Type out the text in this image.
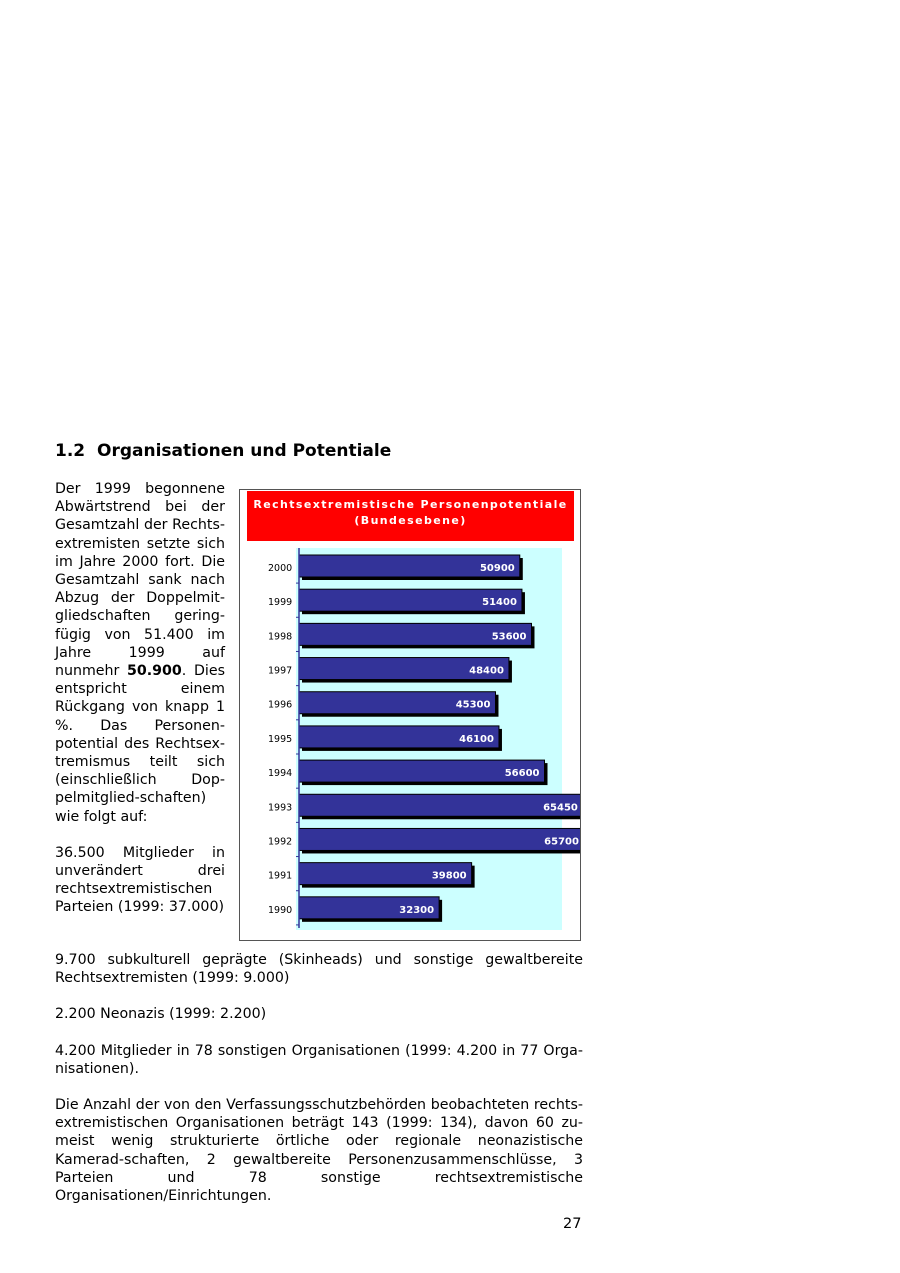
1.2 Organisationen und Potentiale

Der 1999 begonnene Abwärtstrend bei der Gesamtzahl der Rechts-extremisten setzte sich im Jahre 2000 fort. Die Gesamtzahl sank nach Abzug der Doppelmit-gliedschaften gering-fügig von 51.400 im Jahre 1999 auf nunmehr 50.900. Dies entspricht einem Rückgang von knapp 1 %. Das Personen-potential des Rechtsex-tremismus teilt sich (einschließlich Dop-pelmitglied-schaften) wie folgt auf:

36.500 Mitglieder in unverändert drei rechtsextremistischen Parteien (1999: 37.000)

Rechtsextremistische Personenpotentiale
(Bundesebene)
50900
2000
51400
1999
53600
1998
48400
1997
45300
1996
46100
1995
56600
1994
65450
1993
65700
1992
39800
1991
32300
1990

9.700 subkulturell geprägte (Skinheads) und sonstige gewaltbereite Rechtsextremisten (1999: 9.000)

2.200 Neonazis (1999: 2.200)

4.200 Mitglieder in 78 sonstigen Organisationen (1999: 4.200 in 77 Orga-nisationen).

Die Anzahl der von den Verfassungsschutzbehörden beobachteten rechts-extremistischen Organisationen beträgt 143 (1999: 134), davon 60 zu-meist wenig strukturierte örtliche oder regionale neonazistische Kamerad-schaften, 2 gewaltbereite Personenzusammenschlüsse, 3 Parteien und 78 sonstige rechtsextremistische Organisationen/Einrichtungen.

27
